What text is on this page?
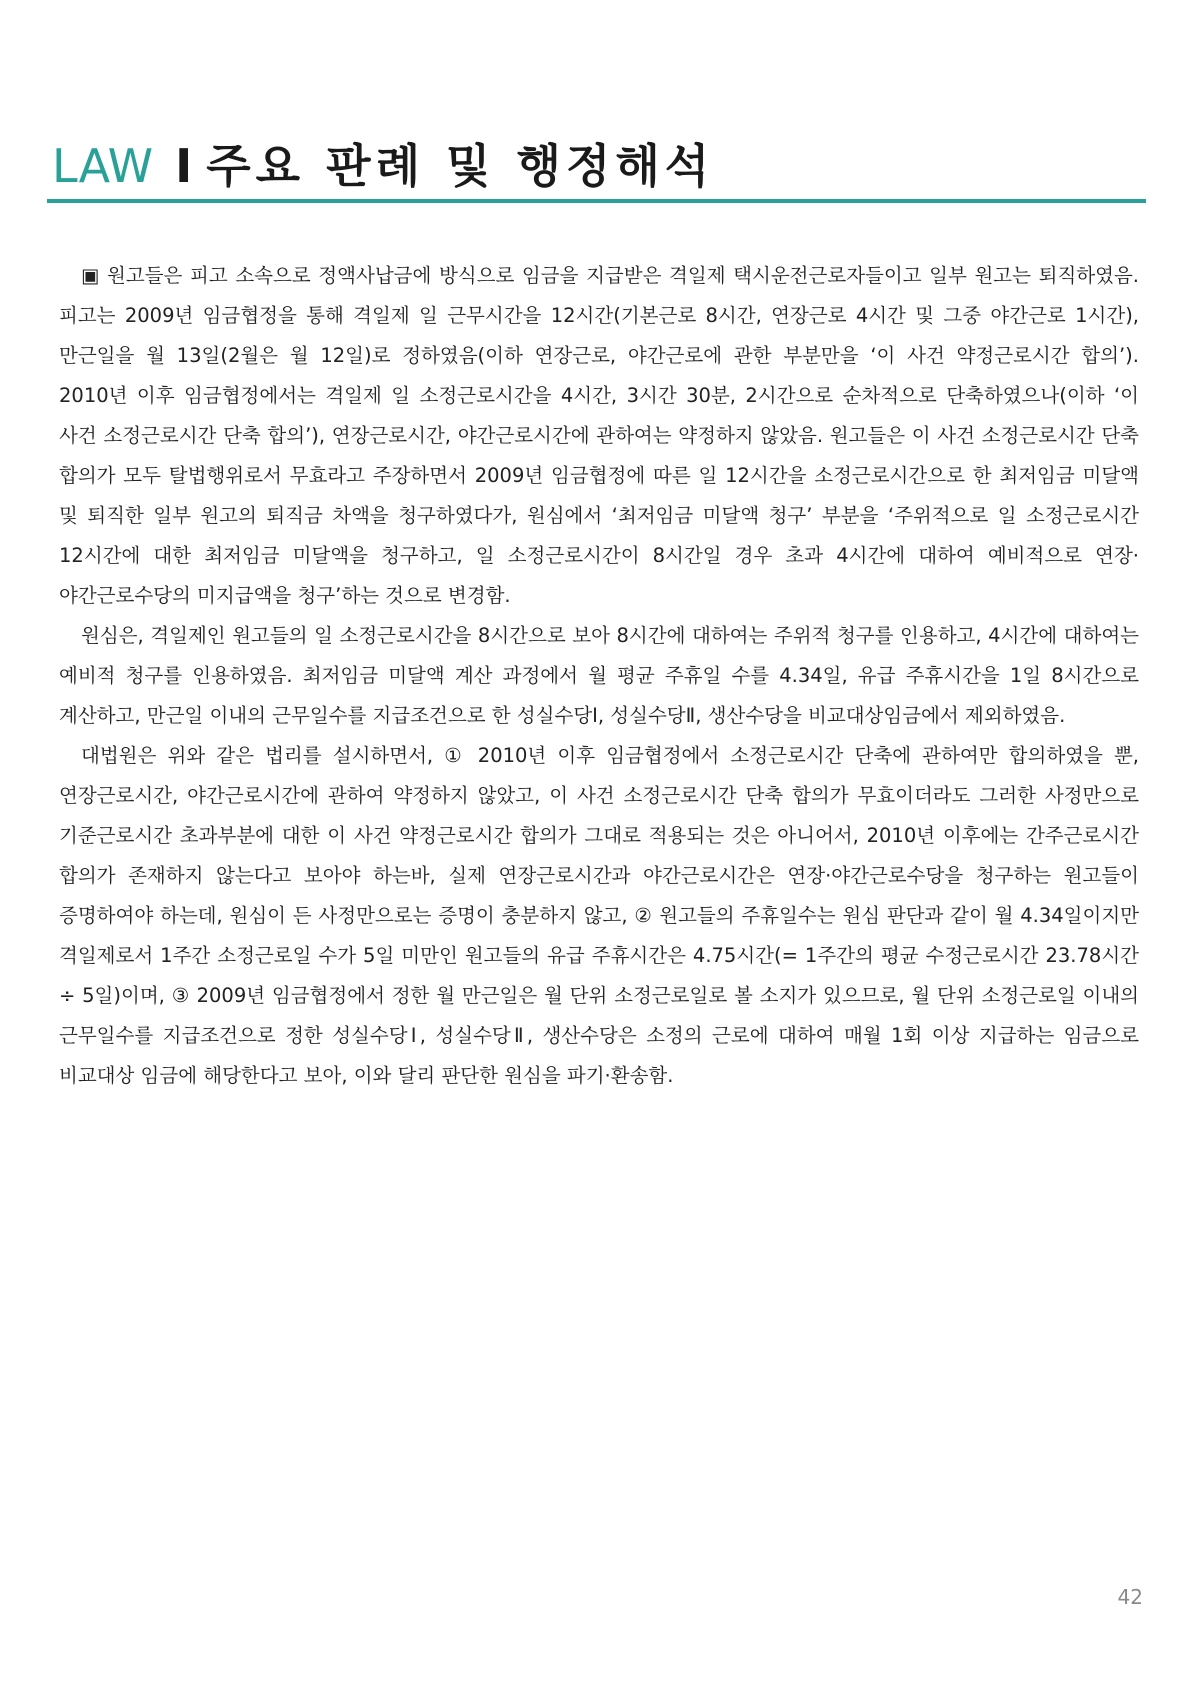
LAW I 주요 판례 및 행정해석

▣ 원고들은 피고 소속으로 정액사납금에 방식으로 임금을 지급받은 격일제 택시운전근로자들이고 일부 원고는 퇴직하였음. 피고는 2009년 임금협정을 통해 격일제 일 근무시간을 12시간(기본근로 8시간, 연장근로 4시간 및 그중 야간근로 1시간), 만근일을 월 13일(2월은 월 12일)로 정하였음(이하 연장근로, 야간근로에 관한 부분만을 ‘이 사건 약정근로시간 합의’). 2010년 이후 임금협정에서는 격일제 일 소정근로시간을 4시간, 3시간 30분, 2시간으로 순차적으로 단축하였으나(이하 ‘이 사건 소정근로시간 단축 합의’), 연장근로시간, 야간근로시간에 관하여는 약정하지 않았음. 원고들은 이 사건 소정근로시간 단축 합의가 모두 탈법행위로서 무효라고 주장하면서 2009년 임금협정에 따른 일 12시간을 소정근로시간으로 한 최저임금 미달액 및 퇴직한 일부 원고의 퇴직금 차액을 청구하였다가, 원심에서 ‘최저임금 미달액 청구’ 부분을 ‘주위적으로 일 소정근로시간 12시간에 대한 최저임금 미달액을 청구하고, 일 소정근로시간이 8시간일 경우 초과 4시간에 대하여 예비적으로 연장·야간근로수당의 미지급액을 청구’하는 것으로 변경함.

원심은, 격일제인 원고들의 일 소정근로시간을 8시간으로 보아 8시간에 대하여는 주위적 청구를 인용하고, 4시간에 대하여는 예비적 청구를 인용하였음. 최저임금 미달액 계산 과정에서 월 평균 주휴일 수를 4.34일, 유급 주휴시간을 1일 8시간으로 계산하고, 만근일 이내의 근무일수를 지급조건으로 한 성실수당Ⅰ, 성실수당Ⅱ, 생산수당을 비교대상임금에서 제외하였음.

대법원은 위와 같은 법리를 설시하면서, ① 2010년 이후 임금협정에서 소정근로시간 단축에 관하여만 합의하였을 뿐, 연장근로시간, 야간근로시간에 관하여 약정하지 않았고, 이 사건 소정근로시간 단축 합의가 무효이더라도 그러한 사정만으로 기준근로시간 초과부분에 대한 이 사건 약정근로시간 합의가 그대로 적용되는 것은 아니어서, 2010년 이후에는 간주근로시간 합의가 존재하지 않는다고 보아야 하는바, 실제 연장근로시간과 야간근로시간은 연장·야간근로수당을 청구하는 원고들이 증명하여야 하는데, 원심이 든 사정만으로는 증명이 충분하지 않고, ② 원고들의 주휴일수는 원심 판단과 같이 월 4.34일이지만 격일제로서 1주간 소정근로일 수가 5일 미만인 원고들의 유급 주휴시간은 4.75시간(= 1주간의 평균 수정근로시간 23.78시간 ÷ 5일)이며, ③ 2009년 임금협정에서 정한 월 만근일은 월 단위 소정근로일로 볼 소지가 있으므로, 월 단위 소정근로일 이내의 근무일수를 지급조건으로 정한 성실수당Ⅰ, 성실수당Ⅱ, 생산수당은 소정의 근로에 대하여 매월 1회 이상 지급하는 임금으로 비교대상 임금에 해당한다고 보아, 이와 달리 판단한 원심을 파기·환송함.

42
